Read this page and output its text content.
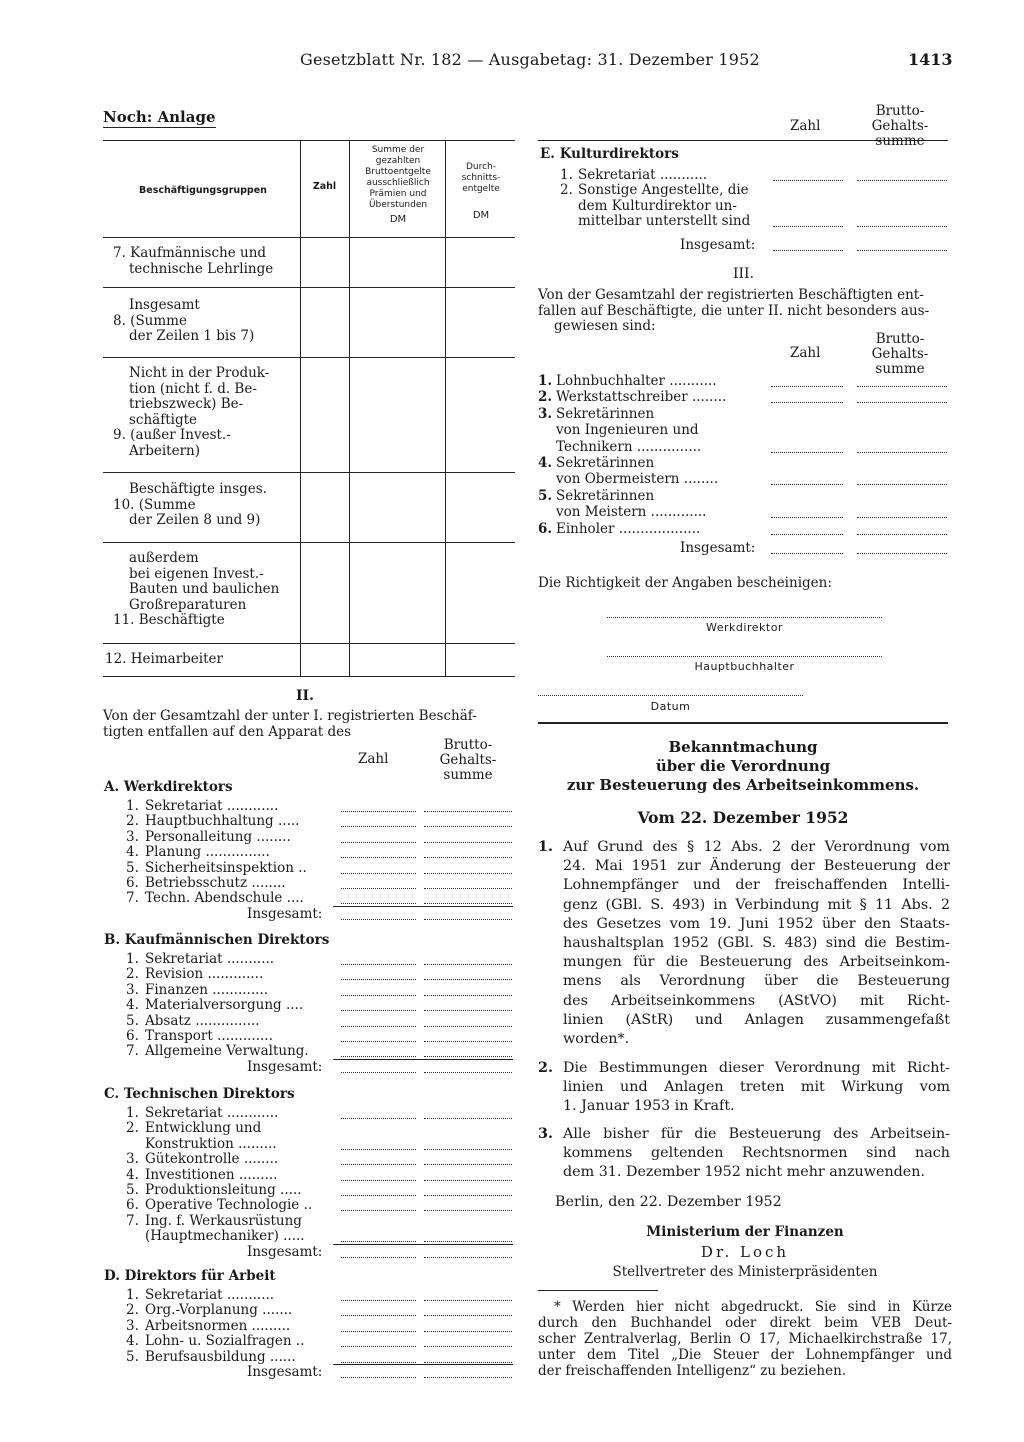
Gesetzblatt Nr. 182 — Ausgabetag: 31. Dezember 1952	1413
Noch: Anlage
Beschäftigungsgruppen	Zahl
Summe der
gezahlten
Bruttoentgelte
ausschließlich
Prämien und
Überstunden
DM
Durch-
schnitts-
entgelte
DM
7. Kaufmännische und
technische Lehrlinge
Insgesamt
8. (Summe
der Zeilen 1 bis 7)
Nicht in der Produk-
tion (nicht f. d. Be-
triebszweck) Be-
schäftigte
9. (außer Invest.-
Arbeitern)
Beschäftigte insges.
10. (Summe
der Zeilen 8 und 9)
außerdem
bei eigenen Invest.-
Bauten und baulichen
Großreparaturen
11. Beschäftigte
12. Heimarbeiter
II.
Von der Gesamtzahl der unter I. registrierten Beschäf-
tigten entfallen auf den Apparat des
Zahl
Brutto-
Gehalts-
summe
A. Werkdirektors
1. Sekretariat ............
2. Hauptbuchhaltung .....
3. Personalleitung ........
4. Planung ...............
5. Sicherheitsinspektion ..
6. Betriebsschutz ........
7. Techn. Abendschule ....
Insgesamt:
B. Kaufmännischen Direktors
1. Sekretariat ...........
2. Revision .............
3. Finanzen .............
4. Materialversorgung ....
5. Absatz ...............
6. Transport .............
7. Allgemeine Verwaltung.
Insgesamt:
C. Technischen Direktors
1. Sekretariat ............
2. Entwicklung und
Konstruktion .........
3. Gütekontrolle ........
4. Investitionen .........
5. Produktionsleitung .....
6. Operative Technologie ..
7. Ing. f. Werkausrüstung
(Hauptmechaniker) .....
Insgesamt:
D. Direktors für Arbeit
1. Sekretariat ...........
2. Org.-Vorplanung .......
3. Arbeitsnormen .........
4. Lohn- u. Sozialfragen ..
5. Berufsausbildung ......
Insgesamt:
Zahl
Brutto-
Gehalts-
summe
E. Kulturdirektors
1. Sekretariat ...........
2. Sonstige Angestellte, die
dem Kulturdirektor un-
mittelbar unterstellt sind
Insgesamt:
III.
Von der Gesamtzahl der registrierten Beschäftigten ent-
fallen auf Beschäftigte, die unter II. nicht besonders aus-
gewiesen sind:
Zahl
Brutto-
Gehalts-
summe
1. Lohnbuchhalter ...........
2. Werkstattschreiber ........
3. Sekretärinnen
von Ingenieuren und
Technikern ...............
4. Sekretärinnen
von Obermeistern ........
5. Sekretärinnen
von Meistern .............
6. Einholer ...................
Insgesamt:
Die Richtigkeit der Angaben bescheinigen:
Werkdirektor
Hauptbuchhalter
Datum
Bekanntmachung
über die Verordnung
zur Besteuerung des Arbeitseinkommens.
Vom 22. Dezember 1952
1. Auf Grund des § 12 Abs. 2 der Verordnung vom
24. Mai 1951 zur Änderung der Besteuerung der
Lohnempfänger und der freischaffenden Intelli-
genz (GBl. S. 493) in Verbindung mit § 11 Abs. 2
des Gesetzes vom 19. Juni 1952 über den Staats-
haushaltsplan 1952 (GBl. S. 483) sind die Bestim-
mungen für die Besteuerung des Arbeitseinkom-
mens als Verordnung über die Besteuerung
des Arbeitseinkommens (AStVO) mit Richt-
linien (AStR) und Anlagen zusammengefaßt
worden*.
2. Die Bestimmungen dieser Verordnung mit Richt-
linien und Anlagen treten mit Wirkung vom
1. Januar 1953 in Kraft.
3. Alle bisher für die Besteuerung des Arbeitsein-
kommens geltenden Rechtsnormen sind nach
dem 31. Dezember 1952 nicht mehr anzuwenden.
Berlin, den 22. Dezember 1952
Ministerium der Finanzen
Dr. Loch
Stellvertreter des Ministerpräsidenten
* Werden hier nicht abgedruckt. Sie sind in Kürze
durch den Buchhandel oder direkt beim VEB Deut-
scher Zentralverlag, Berlin O 17, Michaelkirchstraße 17,
unter dem Titel „Die Steuer der Lohnempfänger und
der freischaffenden Intelligenz“ zu beziehen.
